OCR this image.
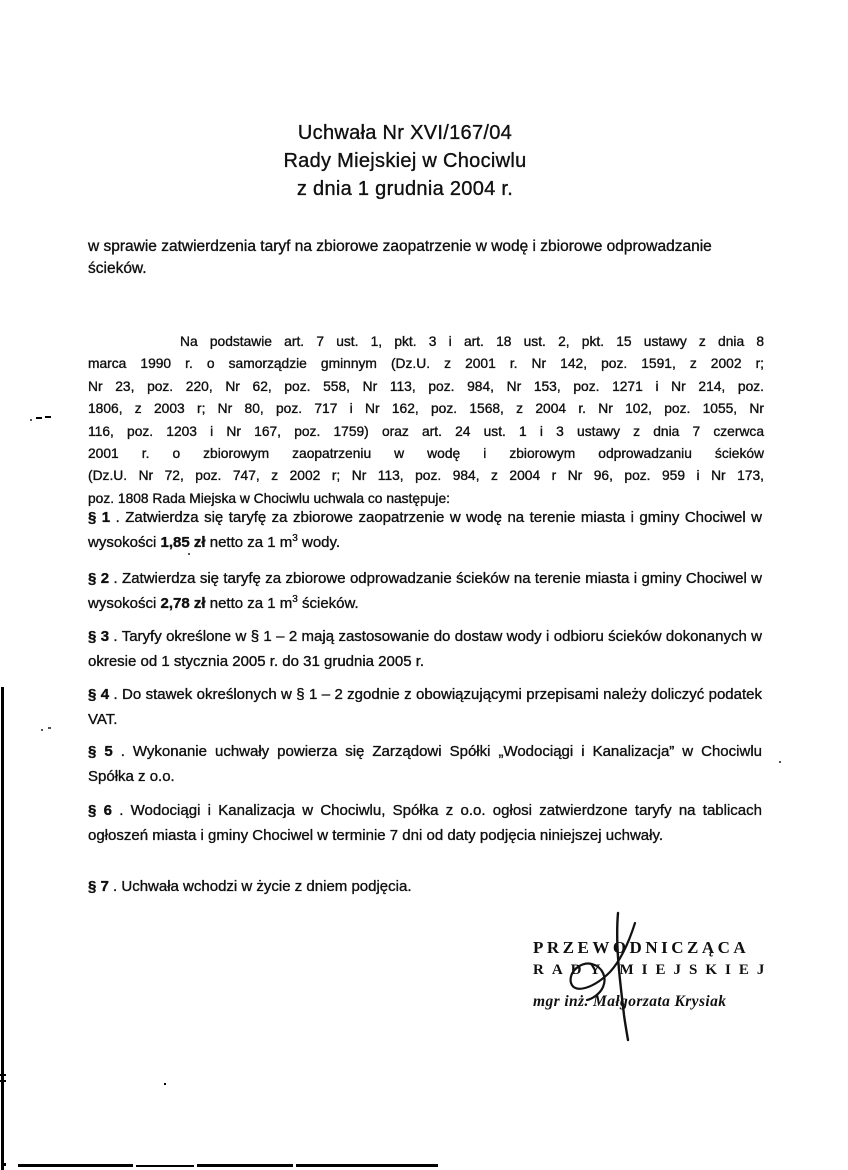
Uchwała Nr XVI/167/04
Rady Miejskiej w Chociwlu
z dnia 1 grudnia 2004 r.

w sprawie zatwierdzenia taryf na zbiorowe zaopatrzenie w wodę i zbiorowe odprowadzanie ścieków.

Na podstawie art. 7 ust. 1, pkt. 3 i art. 18 ust. 2, pkt. 15 ustawy z dnia 8
marca 1990 r. o samorządzie gminnym (Dz.U. z 2001 r. Nr 142, poz. 1591, z 2002 r;
Nr 23, poz. 220, Nr 62, poz. 558, Nr 113, poz. 984, Nr 153, poz. 1271 i Nr 214, poz.
1806, z 2003 r; Nr 80, poz. 717 i Nr 162, poz. 1568, z 2004 r. Nr 102, poz. 1055, Nr
116, poz. 1203 i Nr 167, poz. 1759) oraz art. 24 ust. 1 i 3 ustawy z dnia 7 czerwca
2001 r. o zbiorowym zaopatrzeniu w wodę i zbiorowym odprowadzaniu ścieków
(Dz.U. Nr 72, poz. 747, z 2002 r; Nr 113, poz. 984, z 2004 r Nr 96, poz. 959 i Nr 173,
poz. 1808 Rada Miejska w Chociwlu uchwala co następuje:

§ 1 . Zatwierdza się taryfę za zbiorowe zaopatrzenie w wodę na terenie miasta i gminy Chociwel w wysokości 1,85 zł netto za 1 $m^3$ wody.

§ 2 . Zatwierdza się taryfę za zbiorowe odprowadzanie ścieków na terenie miasta i gminy Chociwel w wysokości 2,78 zł netto za 1 $m^3$ ścieków.

§ 3 . Taryfy określone w § 1 – 2 mają zastosowanie do dostaw wody i odbioru ścieków dokonanych w okresie od 1 stycznia 2005 r. do 31 grudnia 2005 r.

§ 4 . Do stawek określonych w § 1 – 2 zgodnie z obowiązującymi przepisami należy doliczyć podatek VAT.

§ 5 . Wykonanie uchwały powierza się Zarządowi Spółki „Wodociągi i Kanalizacja” w Chociwlu Spółka z o.o.

§ 6 . Wodociągi i Kanalizacja w Chociwlu, Spółka z o.o. ogłosi zatwierdzone taryfy na tablicach ogłoszeń miasta i gminy Chociwel w terminie 7 dni od daty podjęcia niniejszej uchwały.

§ 7 . Uchwała wchodzi w życie z dniem podjęcia.

PRZEWODNICZĄCA
RADY MIEJSKIEJ
mgr inż. Małgorzata Krysiak
